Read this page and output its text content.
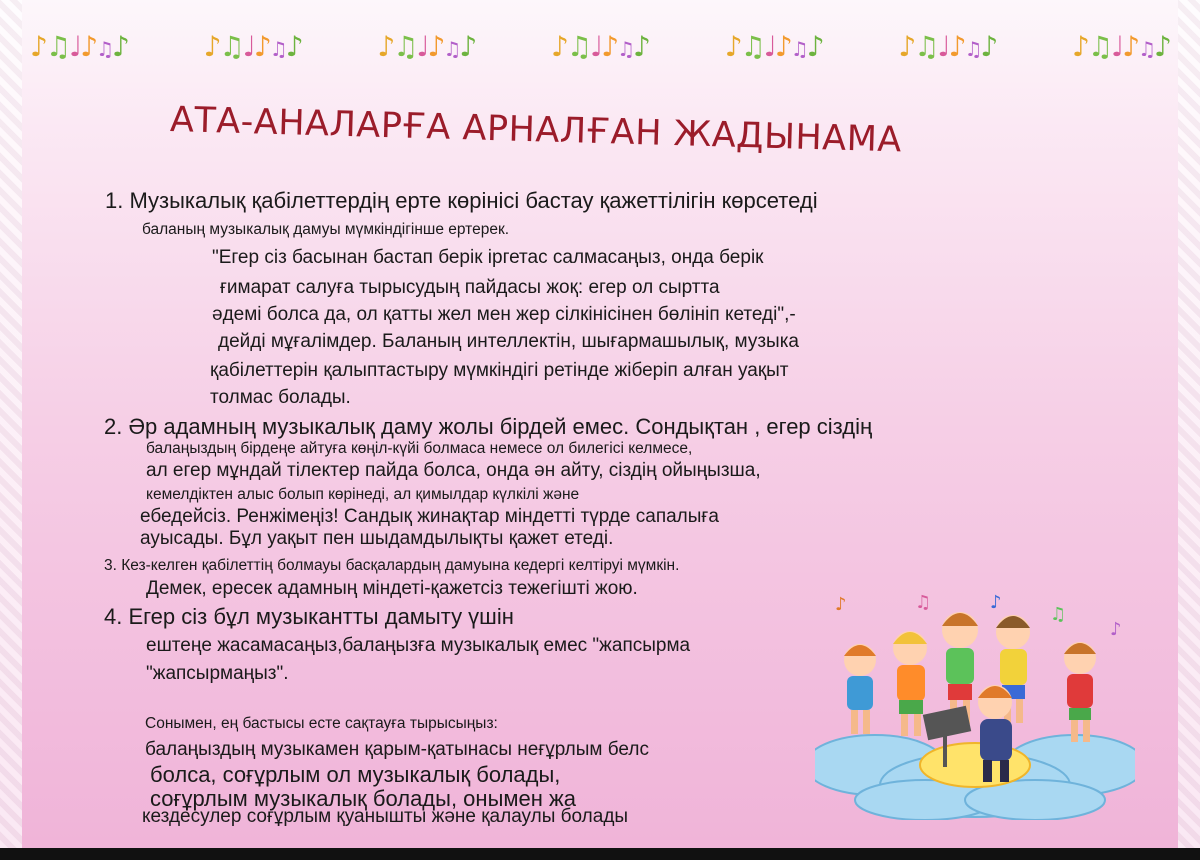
♪♫♩♪♫♪	♪♫♩♪♫♪	♪♫♩♪♫♪	♪♫♩♪♫♪	♪♫♩♪♫♪	♪♫♩♪♫♪	♪♫♩♪♫♪
АТА-АНАЛАРҒА АРНАЛҒАН ЖАДЫНАМА
1. Музыкалық қабілеттердің ерте көрінісі бастау қажеттілігін көрсетеді
баланың музыкалық дамуы мүмкіндігінше ертерек.
"Егер сіз басынан бастап берік іргетас салмасаңыз, онда берік
ғимарат салуға тырысудың пайдасы жоқ: егер ол сыртта
әдемі болса да, ол қатты жел мен жер сілкінісінен бөлініп кетеді",-
дейді мұғалімдер. Баланың интеллектін, шығармашылық, музыка
қабілеттерін қалыптастыру мүмкіндігі ретінде жіберіп алған уақыт
толмас болады.
2. Әр адамның музыкалық даму жолы бірдей емес. Сондықтан , егер сіздің
балаңыздың бірдеңе айтуға көңіл-күйі болмаса немесе ол билегісі келмесе,
ал егер мұндай тілектер пайда болса, онда ән айту, сіздің ойыңызша,
кемелдіктен алыс болып көрінеді, ал қимылдар күлкілі және
ебедейсіз. Ренжімеңіз! Сандық жинақтар міндетті түрде сапалыға
ауысады. Бұл уақыт пен шыдамдылықты қажет етеді.
3. Кез-келген қабілеттің болмауы басқалардың дамуына кедергі келтіруі мүмкін.
Демек, ересек адамның міндеті-қажетсіз тежегішті жою.
4. Егер сіз бұл музыкантты дамыту үшін
ештеңе жасамасаңыз,балаңызға музыкалық емес "жапсырма
"жапсырмаңыз".
Сонымен, ең бастысы есте сақтауға тырысыңыз:
балаңыздың музыкамен қарым-қатынасы неғұрлым белс
болса, соғұрлым ол музыкалық болады,
соғұрлым музыкалық болады, онымен жа
кездесулер соғұрлым қуанышты және қалаулы болады
♪	♫	♪
♫
♪
